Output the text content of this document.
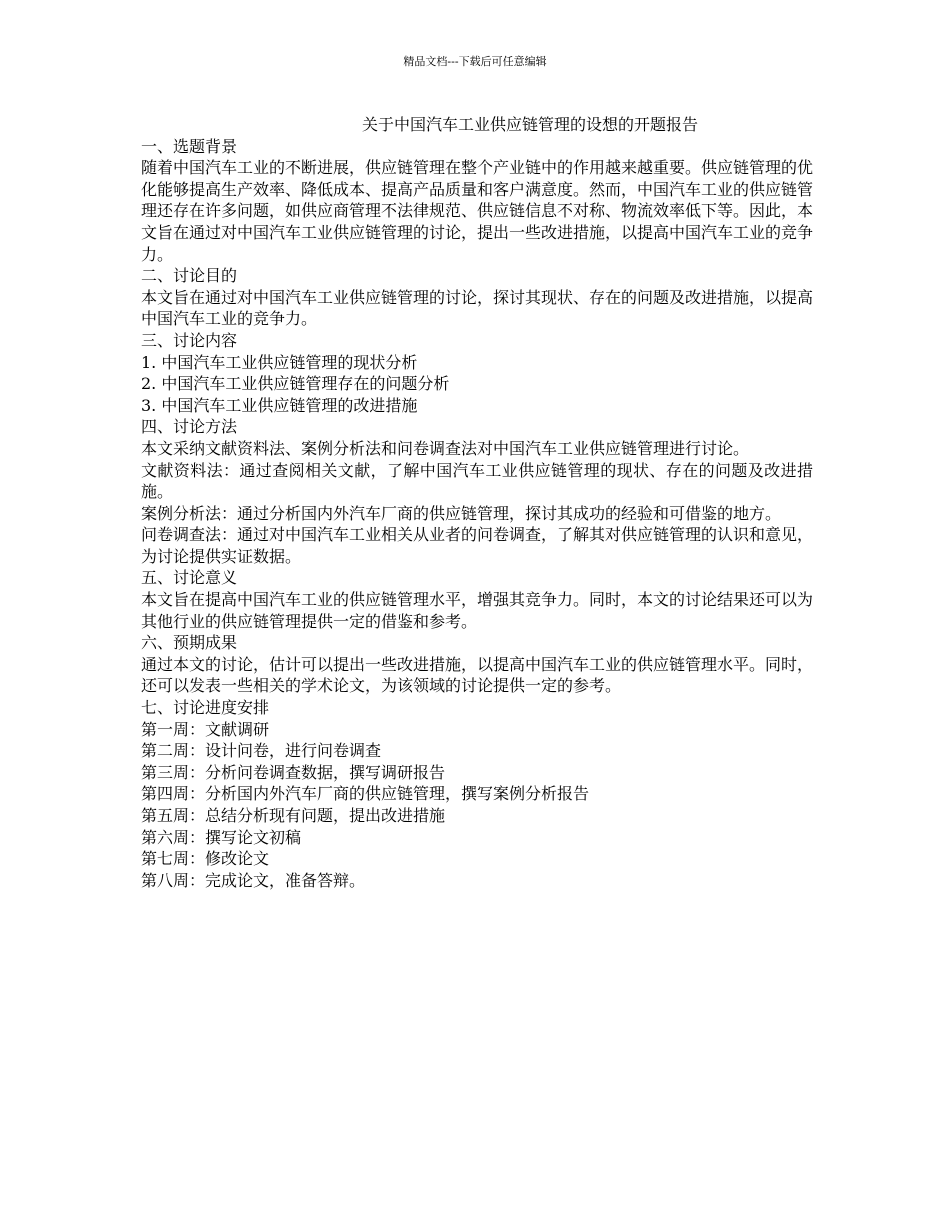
精品文档---下载后可任意编辑
关于中国汽车工业供应链管理的设想的开题报告
一、选题背景
随着中国汽车工业的不断进展，供应链管理在整个产业链中的作用越来越重要。供应链管理的优化能够提高生产效率、降低成本、提高产品质量和客户满意度。然而，中国汽车工业的供应链管理还存在许多问题，如供应商管理不法律规范、供应链信息不对称、物流效率低下等。因此，本文旨在通过对中国汽车工业供应链管理的讨论，提出一些改进措施，以提高中国汽车工业的竞争力。
二、讨论目的
本文旨在通过对中国汽车工业供应链管理的讨论，探讨其现状、存在的问题及改进措施，以提高中国汽车工业的竞争力。
三、讨论内容
1. 中国汽车工业供应链管理的现状分析
2. 中国汽车工业供应链管理存在的问题分析
3. 中国汽车工业供应链管理的改进措施
四、讨论方法
本文采纳文献资料法、案例分析法和问卷调查法对中国汽车工业供应链管理进行讨论。
文献资料法：通过查阅相关文献，了解中国汽车工业供应链管理的现状、存在的问题及改进措施。
案例分析法：通过分析国内外汽车厂商的供应链管理，探讨其成功的经验和可借鉴的地方。
问卷调查法：通过对中国汽车工业相关从业者的问卷调查，了解其对供应链管理的认识和意见，为讨论提供实证数据。
五、讨论意义
本文旨在提高中国汽车工业的供应链管理水平，增强其竞争力。同时，本文的讨论结果还可以为其他行业的供应链管理提供一定的借鉴和参考。
六、预期成果
通过本文的讨论，估计可以提出一些改进措施，以提高中国汽车工业的供应链管理水平。同时，还可以发表一些相关的学术论文，为该领域的讨论提供一定的参考。
七、讨论进度安排
第一周：文献调研
第二周：设计问卷，进行问卷调查
第三周：分析问卷调查数据，撰写调研报告
第四周：分析国内外汽车厂商的供应链管理，撰写案例分析报告
第五周：总结分析现有问题，提出改进措施
第六周：撰写论文初稿
第七周：修改论文
第八周：完成论文，准备答辩。
